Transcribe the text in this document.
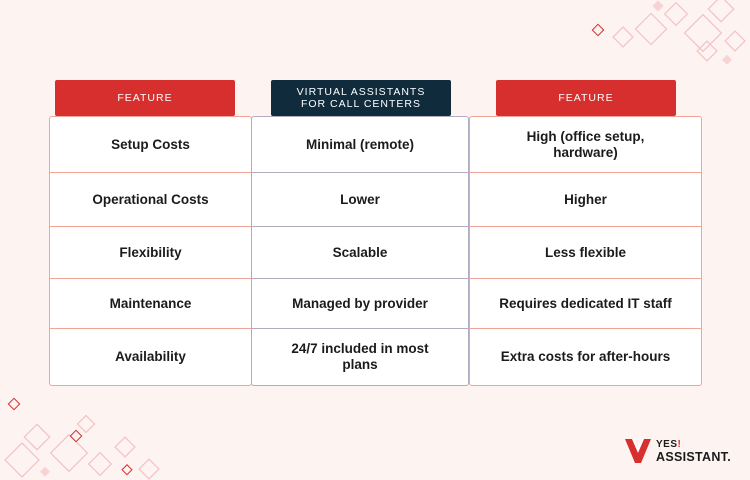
FEATURE	VIRTUAL ASSISTANTS
FOR CALL CENTERS	FEATURE
Setup Costs
Operational Costs
Flexibility
Maintenance
Availability
Minimal (remote)
Lower
Scalable
Managed by provider
24/7 included in most plans
High (office setup, hardware)
Higher
Less flexible
Requires dedicated IT staff
Extra costs for after-hours
YES!
ASSISTANT.
